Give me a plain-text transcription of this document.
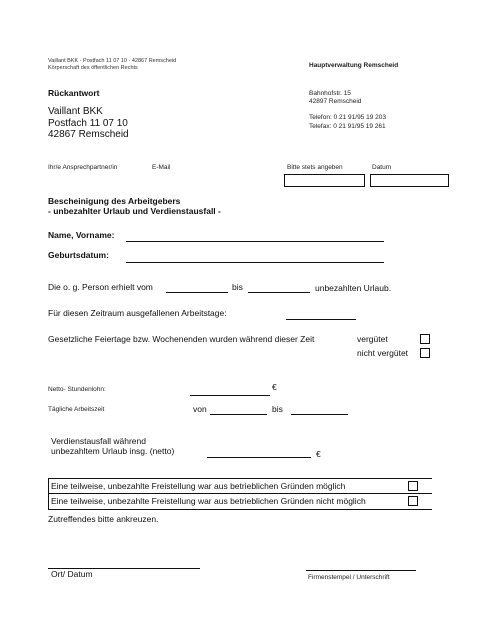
Vaillant BKK · Postfach 11 07 10 · 42867 Remscheid
Körperschaft des öffentlichen Rechts	Hauptverwaltung Remscheid
Bahnhofstr. 15
42897 Remscheid
Telefon: 0 21 91/95 19 203
Telefax: 0 21 91/95 19 261
Rückantwort
Vaillant BKK
Postfach 11 07 10
42867 Remscheid
Ihr/e Ansprechpartner/in	E-Mail	Bitte stets angeben	Datum
Bescheinigung des Arbeitgebers
- unbezahlter Urlaub und Verdienstausfall -
Name, Vorname:
Geburtsdatum:
Die o. g. Person erhielt vom	bis	unbezahlten Urlaub.
Für diesen Zeitraum ausgefallenen Arbeitstage:
Gesetzliche Feiertage bzw. Wochenenden wurden während dieser Zeit	vergütet
nicht vergütet
Netto- Stundenlohn:	€
Tägliche Arbeitszeit	von	bis
Verdienstausfall während
unbezahltem Urlaub insg. (netto)	€
Eine teilweise, unbezahlte Freistellung war aus betrieblichen Gründen möglich
Eine teilweise, unbezahlte Freistellung war aus betrieblichen Gründen nicht möglich
Zutreffendes bitte ankreuzen.
Ort/ Datum	Firmenstempel / Unterschrift
